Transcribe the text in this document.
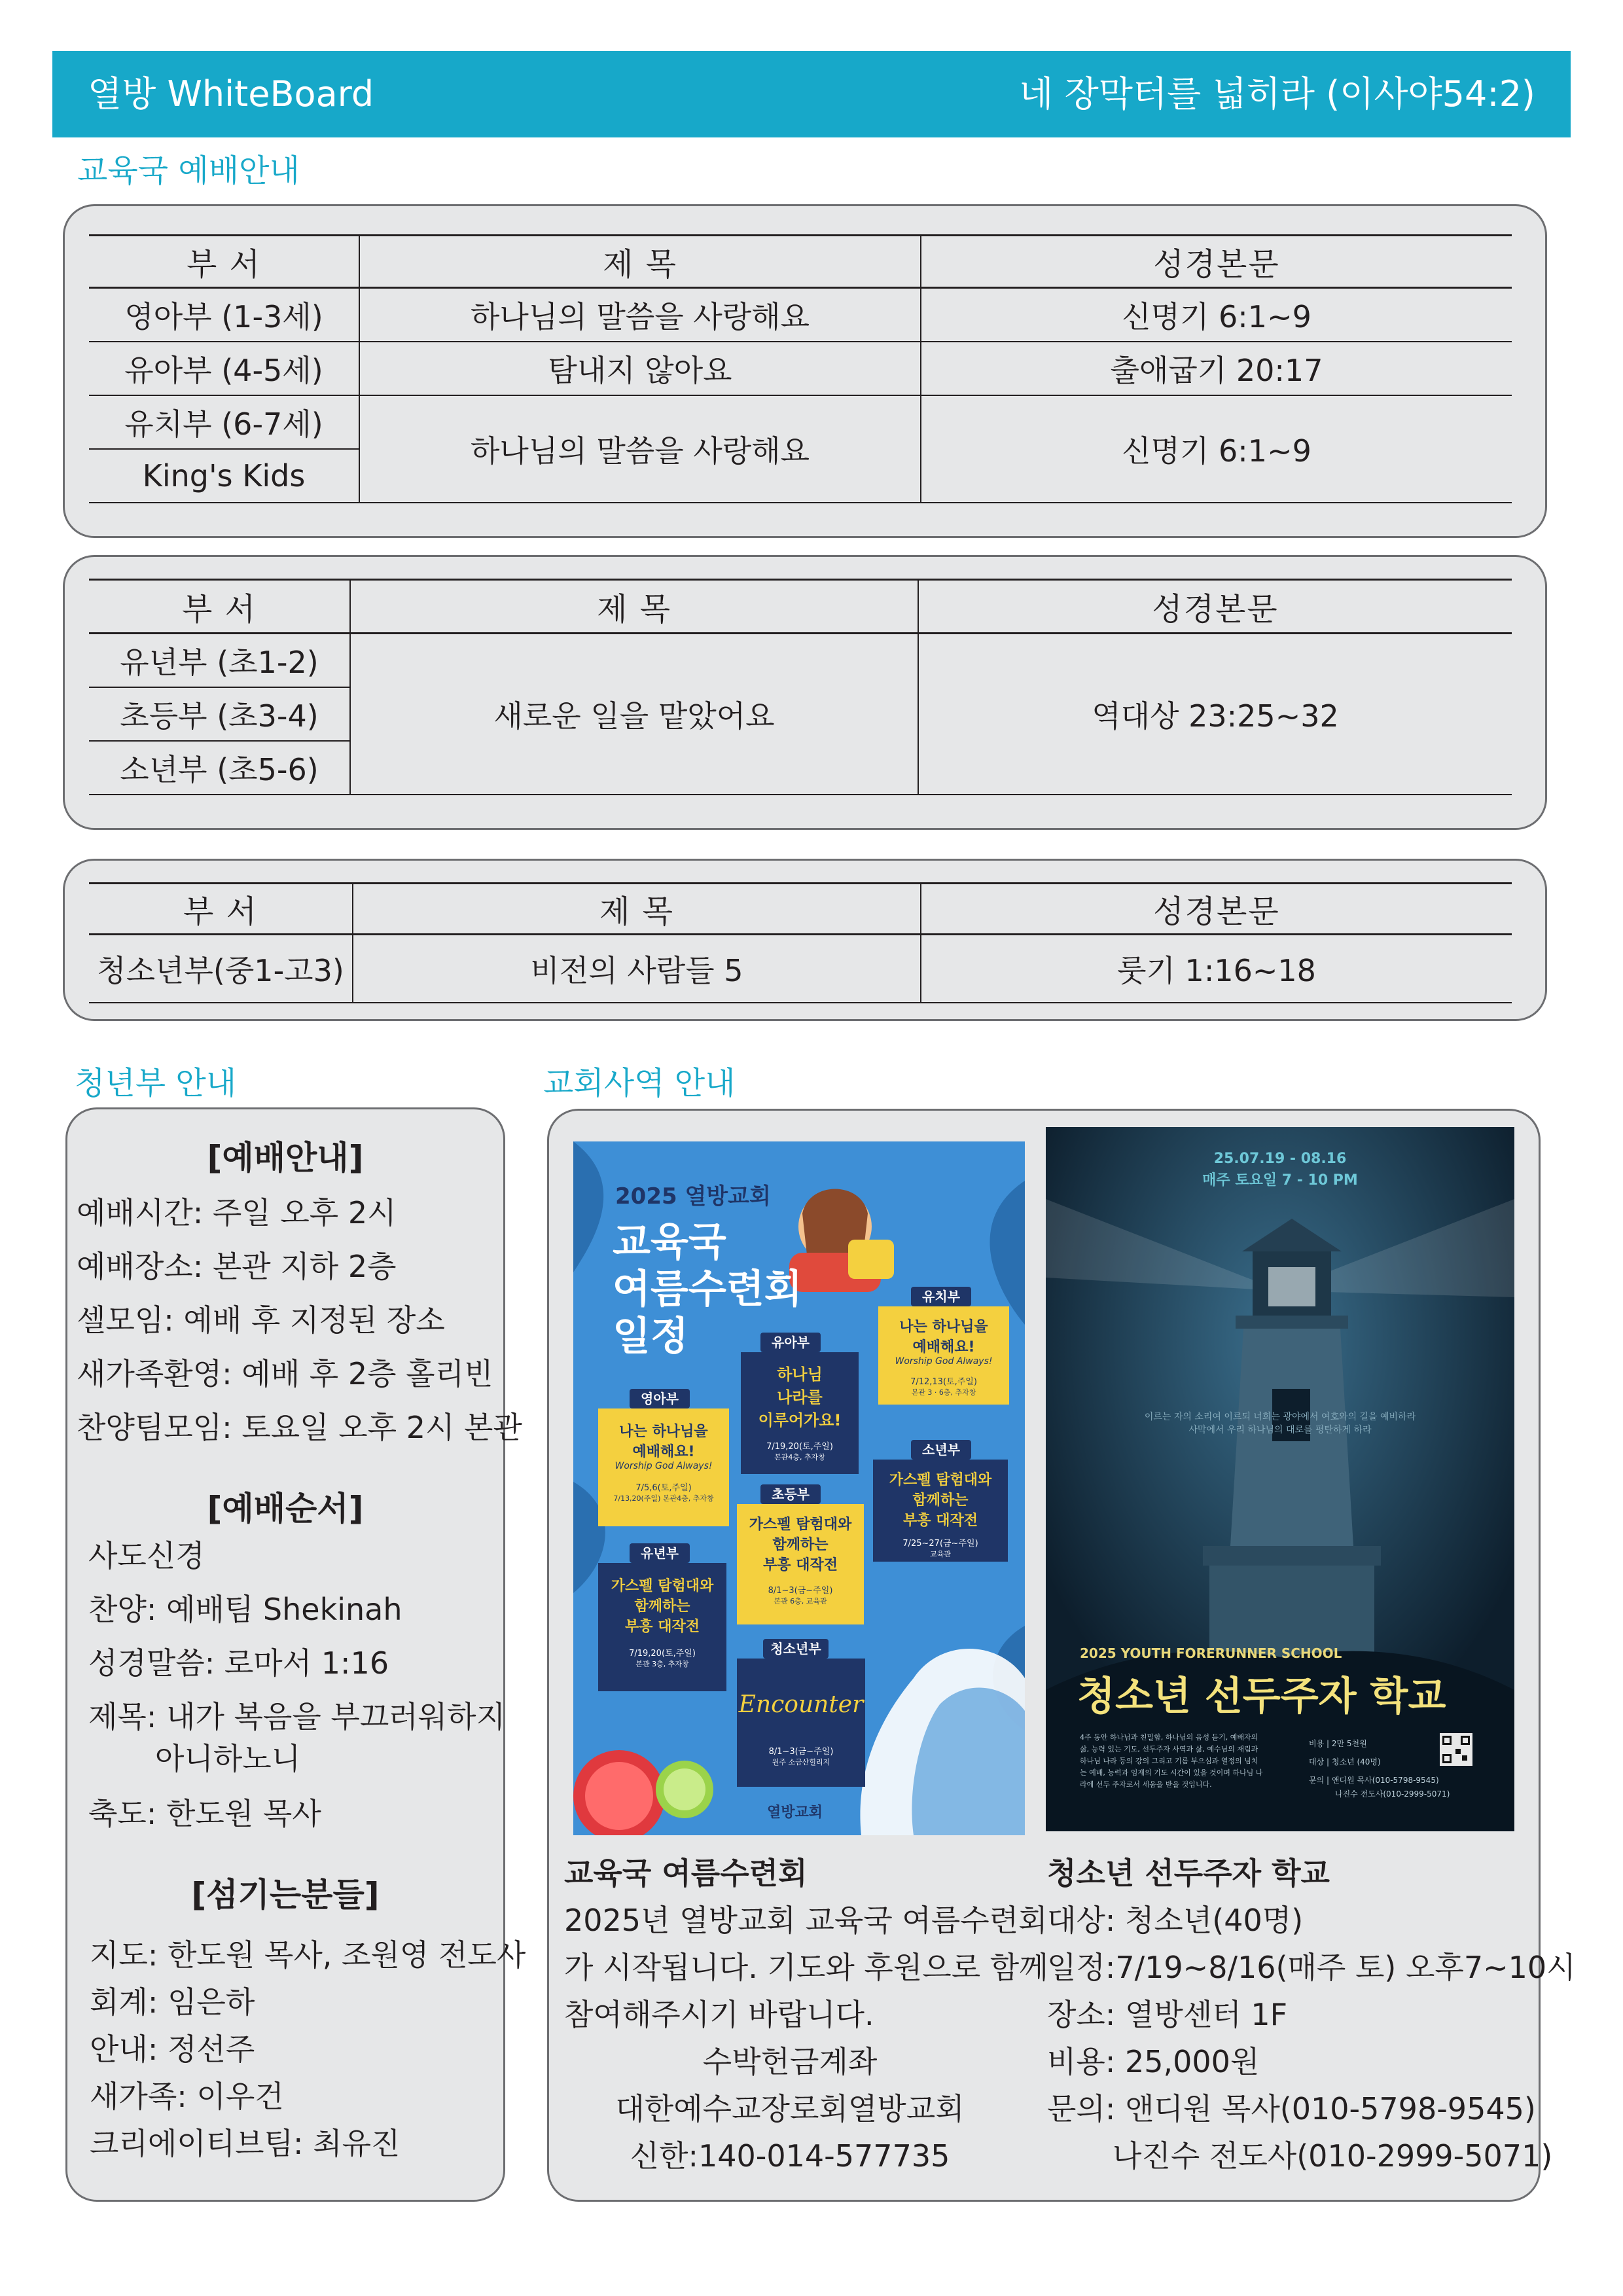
열방 WhiteBoard	네 장막터를 넓히라 (이사야54:2)
교육국 예배안내
부 서	제 목	성경본문
영아부 (1-3세)	하나님의 말씀을 사랑해요	신명기 6:1~9
유아부 (4-5세)	탐내지 않아요	출애굽기 20:17
유치부 (6-7세)	하나님의 말씀을 사랑해요	신명기 6:1~9
King's Kids		
부 서	제 목	성경본문
유년부 (초1-2)	새로운 일을 맡았어요	역대상 23:25~32
초등부 (초3-4)		
소년부 (초5-6)		
부 서	제 목	성경본문
청소년부(중1-고3)	비전의 사람들 5	룻기 1:16~18
청년부 안내	교회사역 안내
[예배안내]
예배시간: 주일 오후 2시
예배장소: 본관 지하 2층
셀모임: 예배 후 지정된 장소
새가족환영: 예배 후 2층 홀리빈
찬양팀모임: 토요일 오후 2시 본관
[예배순서]
사도신경
찬양: 예배팀 Shekinah
성경말씀: 로마서 1:16
제목: 내가 복음을 부끄러워하지
아니하노니
축도: 한도원 목사
[섬기는분들]
지도: 한도원 목사, 조원영 전도사
회계: 임은하
안내: 정선주
새가족: 이우건
크리에이티브팀: 최유진
2025 열방교회
교육국
여름수련회
일정
유치부
나는 하나님을
예배해요!
Worship God Always!
7/12,13(토,주일)
본관 3 · 6층, 추자창
유아부
하나님
나라를
이루어가요!
7/19,20(토,주일)
본관4층, 추자창
영아부
나는 하나님을
예배해요!
Worship God Always!
7/5,6(토,주일)
7/13,20(주일) 본관4층, 추자창
소년부
가스펠 탐험대와
함께하는
부흥 대작전
7/25~27(금~주일)
교육관
초등부
가스펠 탐험대와
함께하는
부흥 대작전
8/1~3(금~주일)
본관 6층, 교육관
유년부
가스펠 탐험대와
함께하는
부흥 대작전
7/19,20(토,주일)
본관 3층, 추자창
청소년부
Encounter
8/1~3(금~주일)
원주 소금산힐리지
열방교회
25.07.19 - 08.16
매주 토요일 7 - 10 PM
이르는 자의 소리여 이르되 너희는 광야에서 여호와의 길을 예비하라
사막에서 우리 하나님의 대로를 평탄하게 하라
2025 YOUTH FORERUNNER SCHOOL
청소년 선두주자 학교
4주 동안 하나님과 친밀함, 하나님의 음성 듣기, 예배자의
삶, 능력 있는 기도, 선두주자 사역과 삶, 예수님의 재림과
하나님 나라 등의 강의 그리고 기름 부으심과 열정의 넘치
는 예배, 능력과 임재의 기도 시간이 있을 것이며 하나님 나
라에 선두 주자로서 세움을 받을 것입니다.
비용 | 2만 5천원
대상 | 청소년 (40명)
문의 | 앤디원 목사(010-5798-9545)
나진수 전도사(010-2999-5071)
교육국 여름수련회
2025년 열방교회 교육국 여름수련회
가 시작됩니다. 기도와 후원으로 함께
참여해주시기 바랍니다.
수박헌금계좌
대한예수교장로회열방교회
신한:140-014-577735
청소년 선두주자 학교
대상: 청소년(40명)
일정:7/19~8/16(매주 토) 오후7~10시
장소: 열방센터 1F
비용: 25,000원
문의: 앤디원 목사(010-5798-9545)
나진수 전도사(010-2999-5071)
